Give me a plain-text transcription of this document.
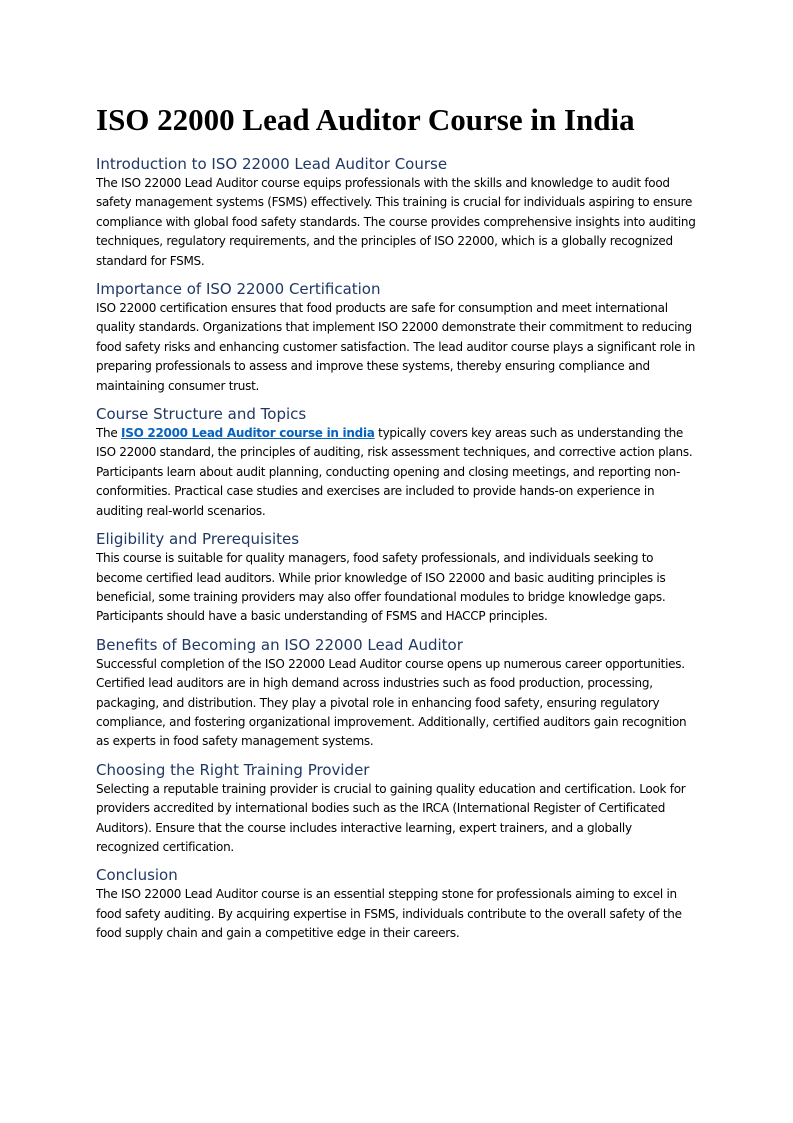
ISO 22000 Lead Auditor Course in India
Introduction to ISO 22000 Lead Auditor Course

The ISO 22000 Lead Auditor course equips professionals with the skills and knowledge to audit food safety management systems (FSMS) effectively. This training is crucial for individuals aspiring to ensure compliance with global food safety standards. The course provides comprehensive insights into auditing techniques, regulatory requirements, and the principles of ISO 22000, which is a globally recognized standard for FSMS.

Importance of ISO 22000 Certification

ISO 22000 certification ensures that food products are safe for consumption and meet international quality standards. Organizations that implement ISO 22000 demonstrate their commitment to reducing food safety risks and enhancing customer satisfaction. The lead auditor course plays a significant role in preparing professionals to assess and improve these systems, thereby ensuring compliance and maintaining consumer trust.

Course Structure and Topics

The ISO 22000 Lead Auditor course in india typically covers key areas such as understanding the ISO 22000 standard, the principles of auditing, risk assessment techniques, and corrective action plans. Participants learn about audit planning, conducting opening and closing meetings, and reporting non-conformities. Practical case studies and exercises are included to provide hands-on experience in auditing real-world scenarios.

Eligibility and Prerequisites

This course is suitable for quality managers, food safety professionals, and individuals seeking to become certified lead auditors. While prior knowledge of ISO 22000 and basic auditing principles is beneficial, some training providers may also offer foundational modules to bridge knowledge gaps. Participants should have a basic understanding of FSMS and HACCP principles.

Benefits of Becoming an ISO 22000 Lead Auditor

Successful completion of the ISO 22000 Lead Auditor course opens up numerous career opportunities. Certified lead auditors are in high demand across industries such as food production, processing, packaging, and distribution. They play a pivotal role in enhancing food safety, ensuring regulatory compliance, and fostering organizational improvement. Additionally, certified auditors gain recognition as experts in food safety management systems.

Choosing the Right Training Provider

Selecting a reputable training provider is crucial to gaining quality education and certification. Look for providers accredited by international bodies such as the IRCA (International Register of Certificated Auditors). Ensure that the course includes interactive learning, expert trainers, and a globally recognized certification.

Conclusion

The ISO 22000 Lead Auditor course is an essential stepping stone for professionals aiming to excel in food safety auditing. By acquiring expertise in FSMS, individuals contribute to the overall safety of the food supply chain and gain a competitive edge in their careers.
